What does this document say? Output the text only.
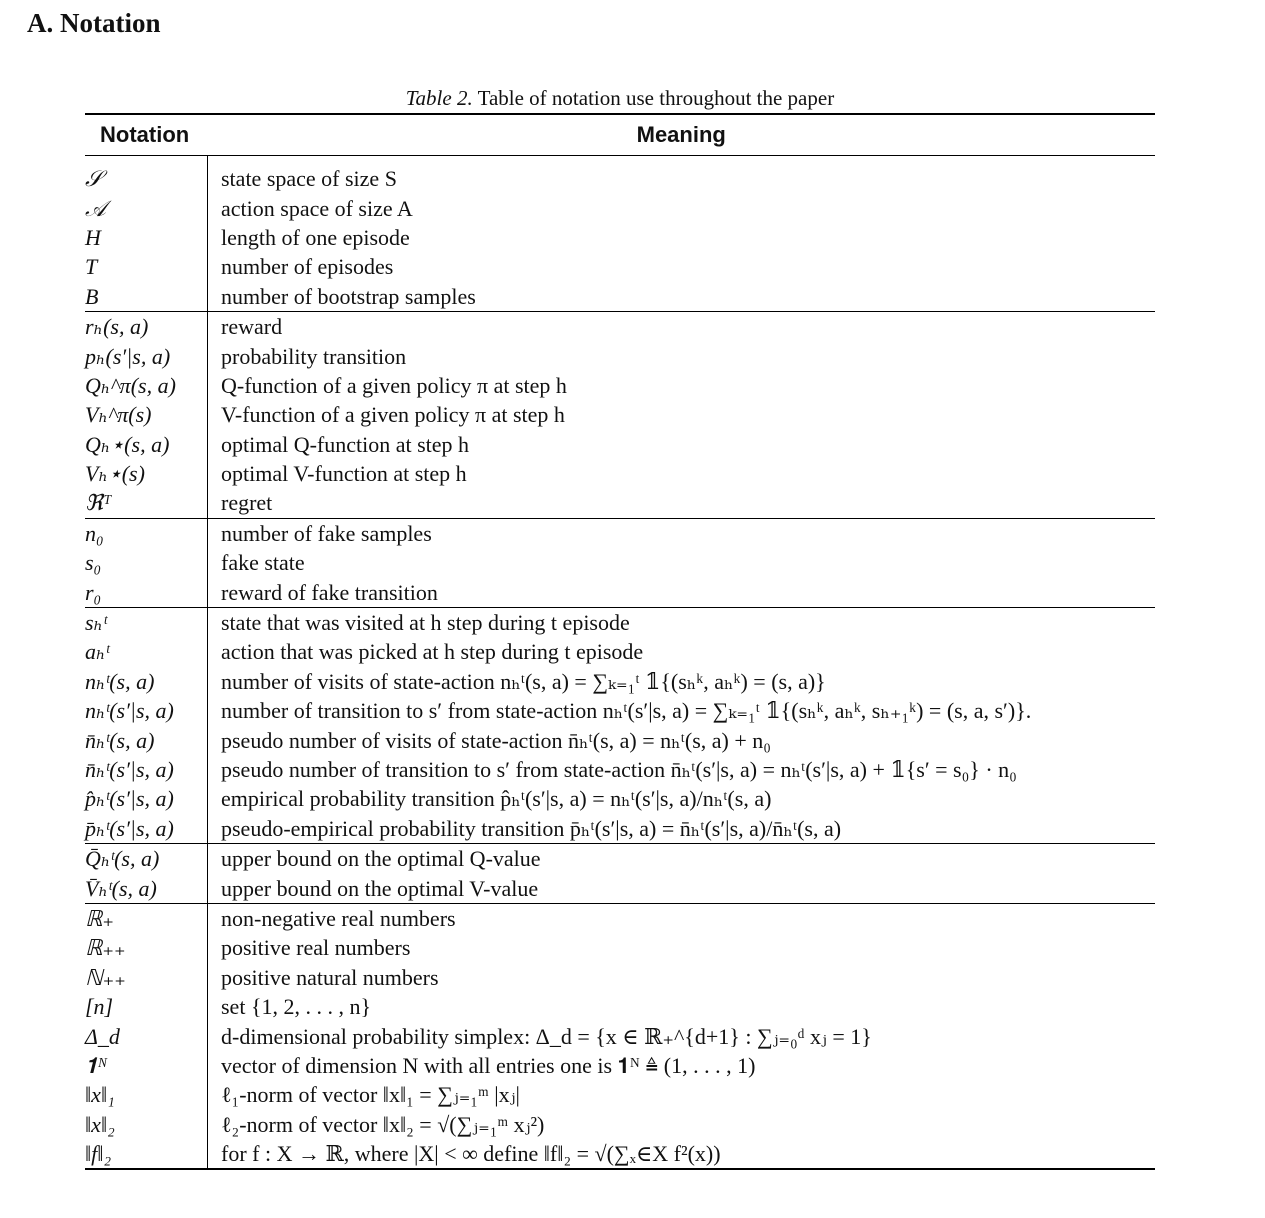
A. Notation
Table 2. Table of notation use throughout the paper
Notation	Meaning
𝒮	state space of size S
𝒜	action space of size A
H	length of one episode
T	number of episodes
B	number of bootstrap samples
rₕ(s, a)	reward
pₕ(s′|s, a)	probability transition
Qₕ^π(s, a)	Q-function of a given policy π at step h
Vₕ^π(s)	V-function of a given policy π at step h
Qₕ⋆(s, a)	optimal Q-function at step h
Vₕ⋆(s)	optimal V-function at step h
ℜᵀ	regret
n₀	number of fake samples
s₀	fake state
r₀	reward of fake transition
sₕᵗ	state that was visited at h step during t episode
aₕᵗ	action that was picked at h step during t episode
nₕᵗ(s, a)	number of visits of state-action nₕᵗ(s, a) = ∑ₖ₌₁ᵗ 𝟙{(sₕᵏ, aₕᵏ) = (s, a)}
nₕᵗ(s′|s, a)	number of transition to s′ from state-action nₕᵗ(s′|s, a) = ∑ₖ₌₁ᵗ 𝟙{(sₕᵏ, aₕᵏ, sₕ₊₁ᵏ) = (s, a, s′)}.
n̄ₕᵗ(s, a)	pseudo number of visits of state-action n̄ₕᵗ(s, a) = nₕᵗ(s, a) + n₀
n̄ₕᵗ(s′|s, a)	pseudo number of transition to s′ from state-action n̄ₕᵗ(s′|s, a) = nₕᵗ(s′|s, a) + 𝟙{s′ = s₀} · n₀
p̂ₕᵗ(s′|s, a)	empirical probability transition p̂ₕᵗ(s′|s, a) = nₕᵗ(s′|s, a)/nₕᵗ(s, a)
p̄ₕᵗ(s′|s, a)	pseudo-empirical probability transition p̄ₕᵗ(s′|s, a) = n̄ₕᵗ(s′|s, a)/n̄ₕᵗ(s, a)
Q̄ₕᵗ(s, a)	upper bound on the optimal Q-value
V̄ₕᵗ(s, a)	upper bound on the optimal V-value
ℝ₊	non-negative real numbers
ℝ₊₊	positive real numbers
ℕ₊₊	positive natural numbers
[n]	set {1, 2, . . . , n}
Δ_d	d-dimensional probability simplex: Δ_d = {x ∈ ℝ₊^{d+1} : ∑ⱼ₌₀ᵈ xⱼ = 1}
𝟏ᴺ	vector of dimension N with all entries one is 𝟏ᴺ ≜ (1, . . . , 1)
‖x‖₁	ℓ₁-norm of vector ‖x‖₁ = ∑ⱼ₌₁ᵐ |xⱼ|
‖x‖₂	ℓ₂-norm of vector ‖x‖₂ = √(∑ⱼ₌₁ᵐ xⱼ²)
‖f‖₂	for f : X → ℝ, where |X| < ∞ define ‖f‖₂ = √(∑ₓ∈X f²(x))
